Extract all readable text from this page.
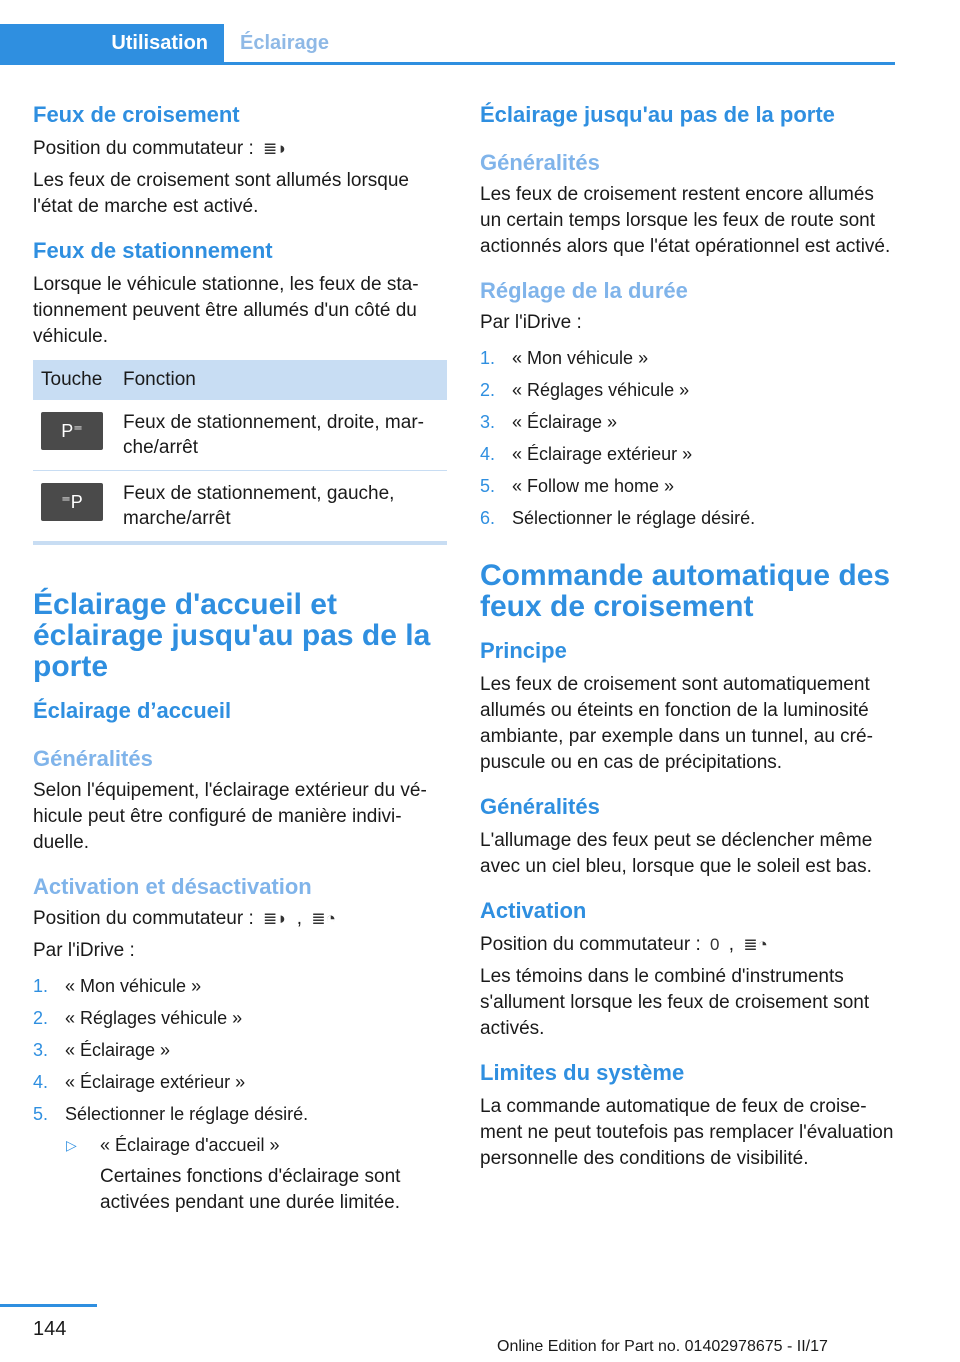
Utilisation	Éclairage
Feux de croisement

Position du commutateur : ≣◗

Les feux de croisement sont allumés lorsque l'état de marche est activé.

Feux de stationnement

Lorsque le véhicule stationne, les feux de stationnement peuvent être allumés d'un côté du véhicule.

Touche	Fonction

P⁼	Feux de stationnement, droite, marche/arrêt

⁼P	Feux de stationnement, gauche, marche/arrêt
Éclairage d'accueil et éclairage jusqu'au pas de la porte
Éclairage d’accueil
Généralités

Selon l'équipement, l'éclairage extérieur du véhicule peut être configuré de manière individuelle.

Activation et désactivation

Position du commutateur : ≣◗ , ≣◔

Par l'iDrive :

1. « Mon véhicule »
2. « Réglages véhicule »
3. « Éclairage »
4. « Éclairage extérieur »
5. Sélectionner le réglage désiré.
▷	« Éclairage d'accueil »
Certaines fonctions d'éclairage sont activées pendant une durée limitée.
Éclairage jusqu'au pas de la porte
Généralités

Les feux de croisement restent encore allumés un certain temps lorsque les feux de route sont actionnés alors que l'état opérationnel est activé.

Réglage de la durée

Par l'iDrive :

1. « Mon véhicule »
2. « Réglages véhicule »
3. « Éclairage »
4. « Éclairage extérieur »
5. « Follow me home »
6. Sélectionner le réglage désiré.
Commande automatique des feux de croisement
Principe

Les feux de croisement sont automatiquement allumés ou éteints en fonction de la luminosité ambiante, par exemple dans un tunnel, au crépuscule ou en cas de précipitations.

Généralités

L'allumage des feux peut se déclencher même avec un ciel bleu, lorsque que le soleil est bas.

Activation

Position du commutateur : 0 , ≣◔

Les témoins dans le combiné d'instruments s'allument lorsque les feux de croisement sont activés.

Limites du système

La commande automatique de feux de croisement ne peut toutefois pas remplacer l'évaluation personnelle des conditions de visibilité.

144
Online Edition for Part no. 01402978675 - II/17
